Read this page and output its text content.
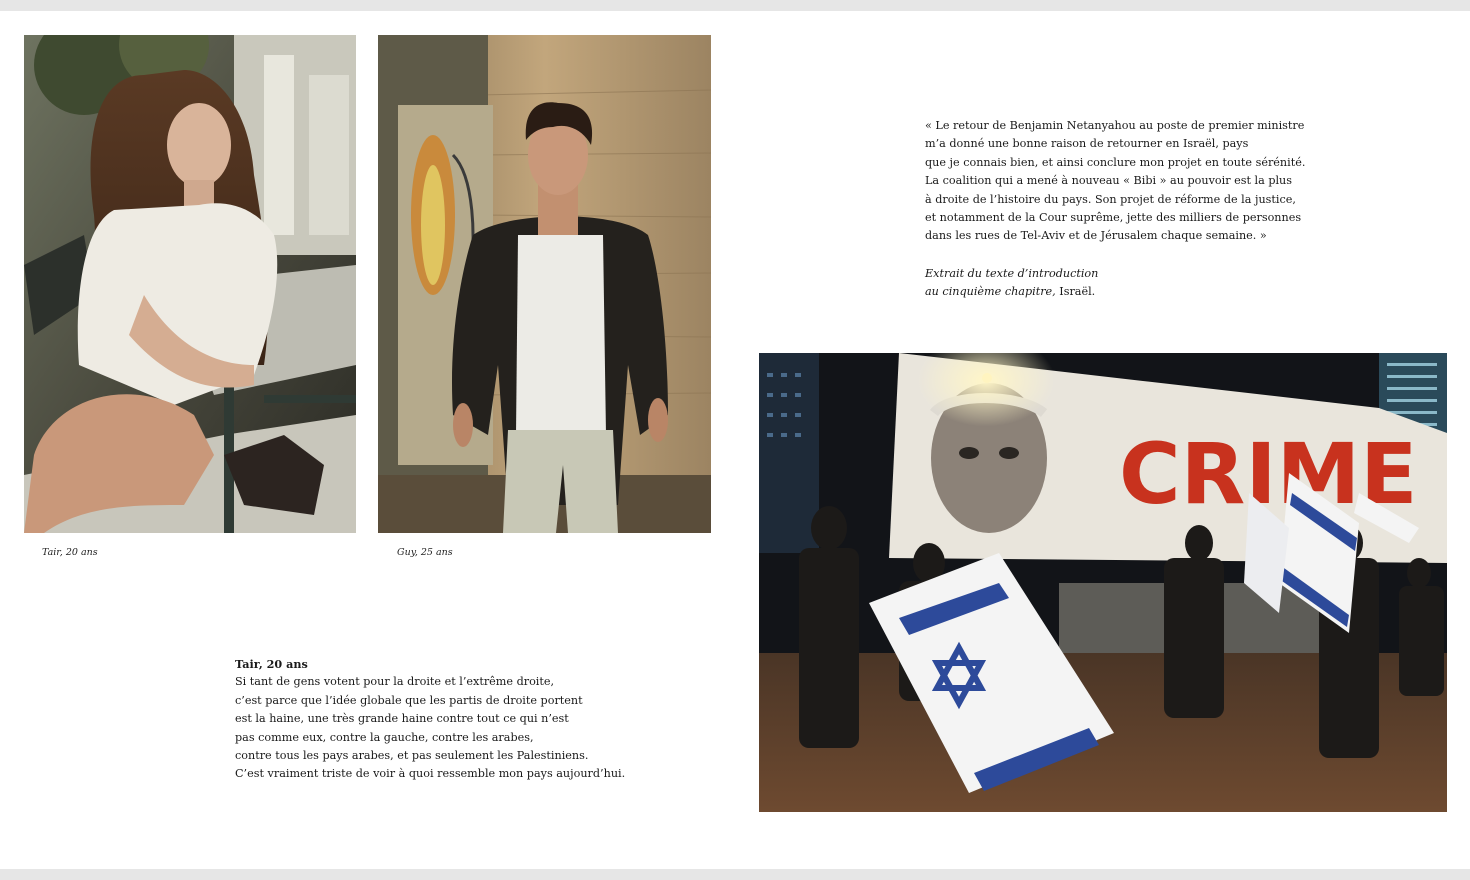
Tair, 20 ans	Guy, 25 ans
« Le retour de Benjamin Netanyahou au poste de premier ministre
m’a donné une bonne raison de retourner en Israël, pays
que je connais bien, et ainsi conclure mon projet en toute sérénité.
La coalition qui a mené à nouveau « Bibi » au pouvoir est la plus
à droite de l’histoire du pays. Son projet de réforme de la justice,
et notamment de la Cour suprême, jette des milliers de personnes
dans les rues de Tel-Aviv et de Jérusalem chaque semaine. »
Extrait du texte d’introduction
au cinquième chapitre, Israël.
Tair, 20 ans
Si tant de gens votent pour la droite et l’extrême droite,
c’est parce que l’idée globale que les partis de droite portent
est la haine, une très grande haine contre tout ce qui n’est
pas comme eux, contre la gauche, contre les arabes,
contre tous les pays arabes, et pas seulement les Palestiniens.
C’est vraiment triste de voir à quoi ressemble mon pays aujourd’hui.
